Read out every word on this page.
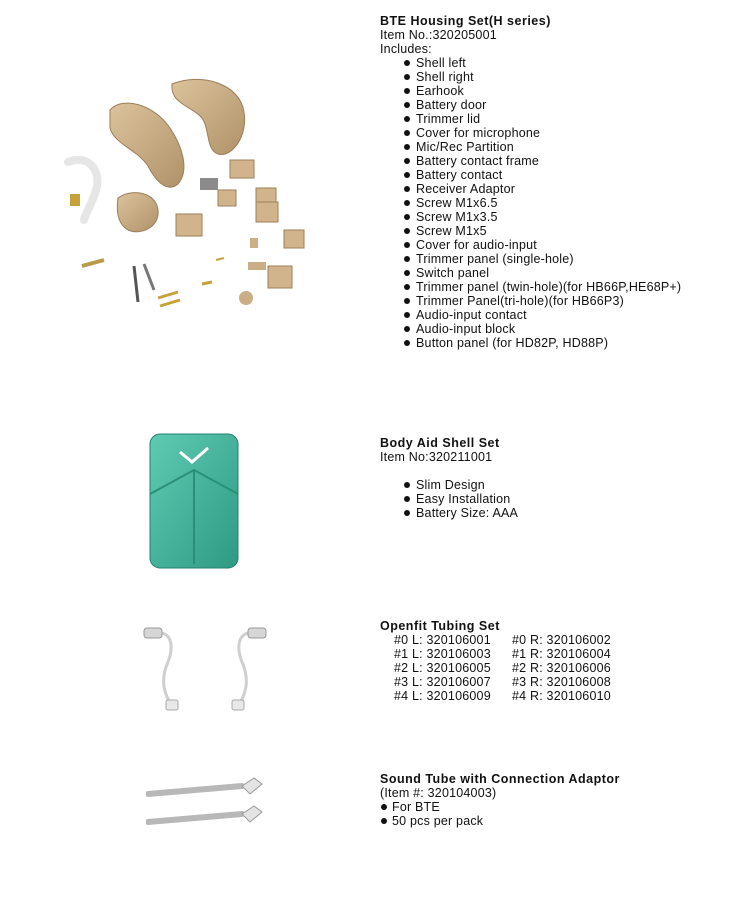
BTE Housing Set(H series)
Item No.:320205001
Includes:
Shell left
Shell right
Earhook
Battery door
Trimmer lid
Cover for microphone
Mic/Rec Partition
Battery contact frame
Battery contact
Receiver Adaptor
Screw M1x6.5
Screw M1x3.5
Screw M1x5
Cover for audio-input
Trimmer panel (single-hole)
Switch panel
Trimmer panel (twin-hole)(for HB66P,HE68P+)
Trimmer Panel(tri-hole)(for HB66P3)
Audio-input contact
Audio-input block
Button panel (for HD82P, HD88P)
Body Aid Shell Set
Item No:320211001
Slim Design
Easy Installation
Battery Size: AAA
Openfit Tubing Set
#0 L: 320106001	#0 R: 320106002
#1 L: 320106003	#1 R: 320106004
#2 L: 320106005	#2 R: 320106006
#3 L: 320106007	#3 R: 320106008
#4 L: 320106009	#4 R: 320106010
Sound Tube with Connection Adaptor
(Item #: 320104003)
For BTE
50 pcs per pack
